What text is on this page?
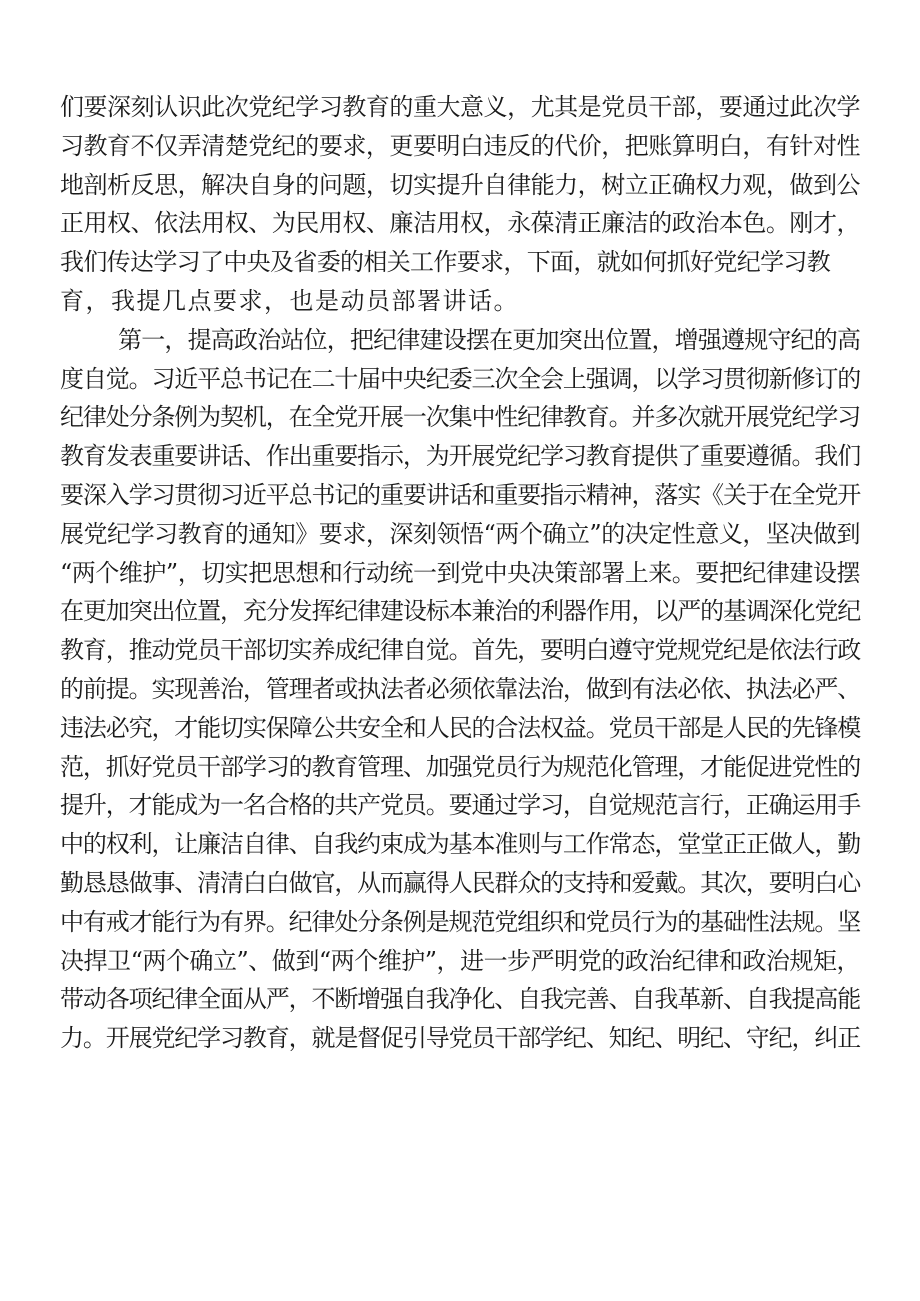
们要深刻认识此次党纪学习教育的重大意义，尤其是党员干部，要通过此次学
习教育不仅弄清楚党纪的要求，更要明白违反的代价，把账算明白，有针对性
地剖析反思，解决自身的问题，切实提升自律能力，树立正确权力观，做到公
正用权、依法用权、为民用权、廉洁用权，永葆清正廉洁的政治本色。刚才，
我们传达学习了中央及省委的相关工作要求，下面，就如何抓好党纪学习教
育，我提几点要求，也是动员部署讲话。
第一，提高政治站位，把纪律建设摆在更加突出位置，增强遵规守纪的高
度自觉。习近平总书记在二十届中央纪委三次全会上强调，以学习贯彻新修订的
纪律处分条例为契机，在全党开展一次集中性纪律教育。并多次就开展党纪学习
教育发表重要讲话、作出重要指示，为开展党纪学习教育提供了重要遵循。我们
要深入学习贯彻习近平总书记的重要讲话和重要指示精神，落实《关于在全党开
展党纪学习教育的通知》要求，深刻领悟“两个确立”的决定性意义，坚决做到
“两个维护”，切实把思想和行动统一到党中央决策部署上来。要把纪律建设摆
在更加突出位置，充分发挥纪律建设标本兼治的利器作用，以严的基调深化党纪
教育，推动党员干部切实养成纪律自觉。首先，要明白遵守党规党纪是依法行政
的前提。实现善治，管理者或执法者必须依靠法治，做到有法必依、执法必严、
违法必究，才能切实保障公共安全和人民的合法权益。党员干部是人民的先锋模
范，抓好党员干部学习的教育管理、加强党员行为规范化管理，才能促进党性的
提升，才能成为一名合格的共产党员。要通过学习，自觉规范言行，正确运用手
中的权利，让廉洁自律、自我约束成为基本准则与工作常态，堂堂正正做人，勤
勤恳恳做事、清清白白做官，从而赢得人民群众的支持和爱戴。其次，要明白心
中有戒才能行为有界。纪律处分条例是规范党组织和党员行为的基础性法规。坚
决捍卫“两个确立”、做到“两个维护”，进一步严明党的政治纪律和政治规矩，
带动各项纪律全面从严，不断增强自我净化、自我完善、自我革新、自我提高能
力。开展党纪学习教育，就是督促引导党员干部学纪、知纪、明纪、守纪，纠正
